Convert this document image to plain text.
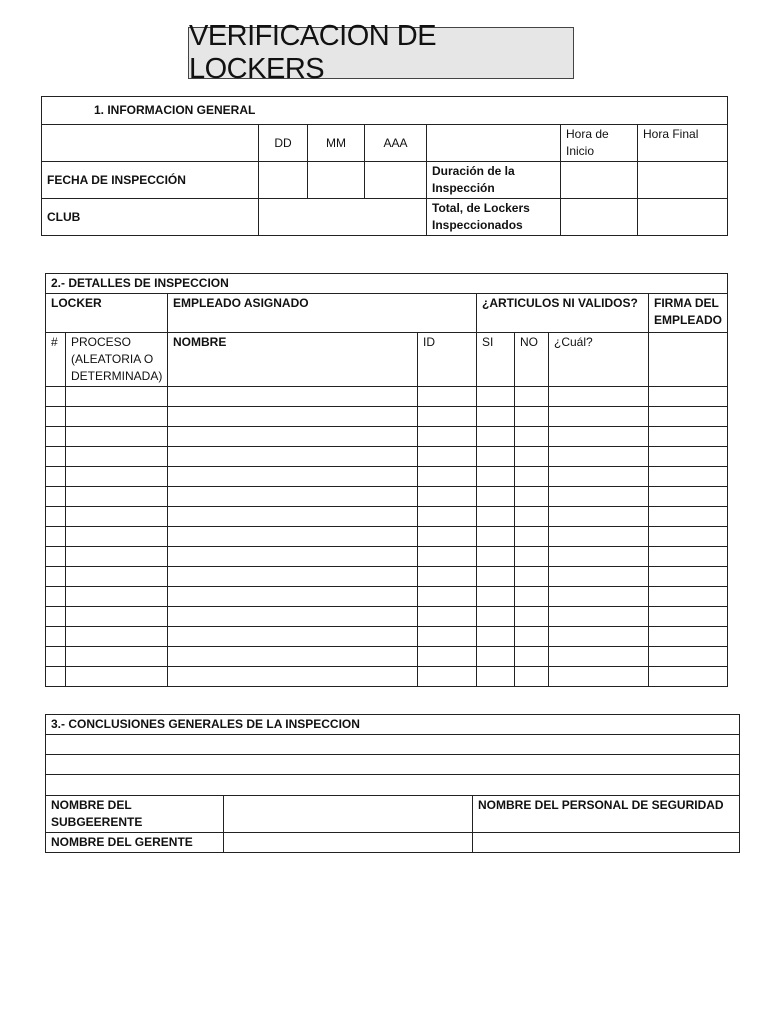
VERIFICACION DE LOCKERS
1. INFORMACION GENERAL						
	DD	MM	AAA		Hora de Inicio	Hora Final
FECHA DE INSPECCIÓN				Duración de la Inspección		
CLUB				Total, de Lockers Inspeccionados		
2.- DETALLES DE INSPECCION							
LOCKER		EMPLEADO ASIGNADO		¿ARTICULOS NI VALIDOS?			FIRMA DEL EMPLEADO
#	PROCESO (ALEATORIA O DETERMINADA)	NOMBRE	ID	SI	NO	¿Cuál?	

3.- CONCLUSIONES GENERALES DE LA INSPECCION		

NOMBRE DEL SUBGEERENTE		NOMBRE DEL PERSONAL DE SEGURIDAD
NOMBRE DEL GERENTE		
